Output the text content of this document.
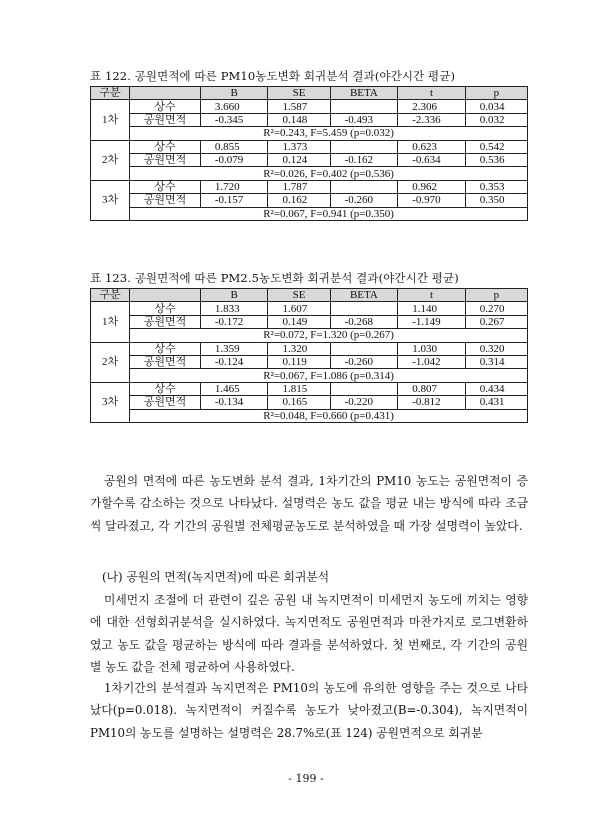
표 122. 공원면적에 따른 PM10농도변화 회귀분석 결과(야간시간 평균)
구분		B	SE	BETA	t	p
1차	상수	3.660	1.587		2.306	0.034
	공원면적	-0.345	0.148	-0.493	-2.336	0.032
	R²=0.243, F=5.459 (p=0.032)					
2차	상수	0.855	1.373		0.623	0.542
	공원면적	-0.079	0.124	-0.162	-0.634	0.536
	R²=0.026, F=0.402 (p=0.536)					
3차	상수	1.720	1.787		0.962	0.353
	공원면적	-0.157	0.162	-0.260	-0.970	0.350
	R²=0.067, F=0.941 (p=0.350)					
표 123. 공원면적에 따른 PM2.5농도변화 회귀분석 결과(야간시간 평균)
구분		B	SE	BETA	t	p
1차	상수	1.833	1.607		1.140	0.270
	공원면적	-0.172	0.149	-0.268	-1.149	0.267
	R²=0.072, F=1.320 (p=0.267)					
2차	상수	1.359	1.320		1.030	0.320
	공원면적	-0.124	0.119	-0.260	-1.042	0.314
	R²=0.067, F=1.086 (p=0.314)					
3차	상수	1.465	1.815		0.807	0.434
	공원면적	-0.134	0.165	-0.220	-0.812	0.431
	R²=0.048, F=0.660 (p=0.431)					
공원의 면적에 따른 농도변화 분석 결과, 1차기간의 PM10 농도는 공원면적이 증가할수록 감소하는 것으로 나타났다. 설명력은 농도 값을 평균 내는 방식에 따라 조금씩 달라졌고, 각 기간의 공원별 전체평균농도로 분석하였을 때 가장 설명력이 높았다.
(나) 공원의 면적(녹지면적)에 따른 회귀분석
미세먼지 조절에 더 관련이 깊은 공원 내 녹지면적이 미세먼지 농도에 끼치는 영향에 대한 선형회귀분석을 실시하였다. 녹지면적도 공원면적과 마찬가지로 로그변환하였고 농도 값을 평균하는 방식에 따라 결과를 분석하였다. 첫 번째로, 각 기간의 공원별 농도 값을 전체 평균하여 사용하였다.
1차기간의 분석결과 녹지면적은 PM10의 농도에 유의한 영향을 주는 것으로 나타났다(p=0.018). 녹지면적이 커질수록 농도가 낮아졌고(B=-0.304), 녹지면적이 PM10의 농도를 설명하는 설명력은 28.7%로(표 124) 공원면적으로 회귀분
- 199 -
